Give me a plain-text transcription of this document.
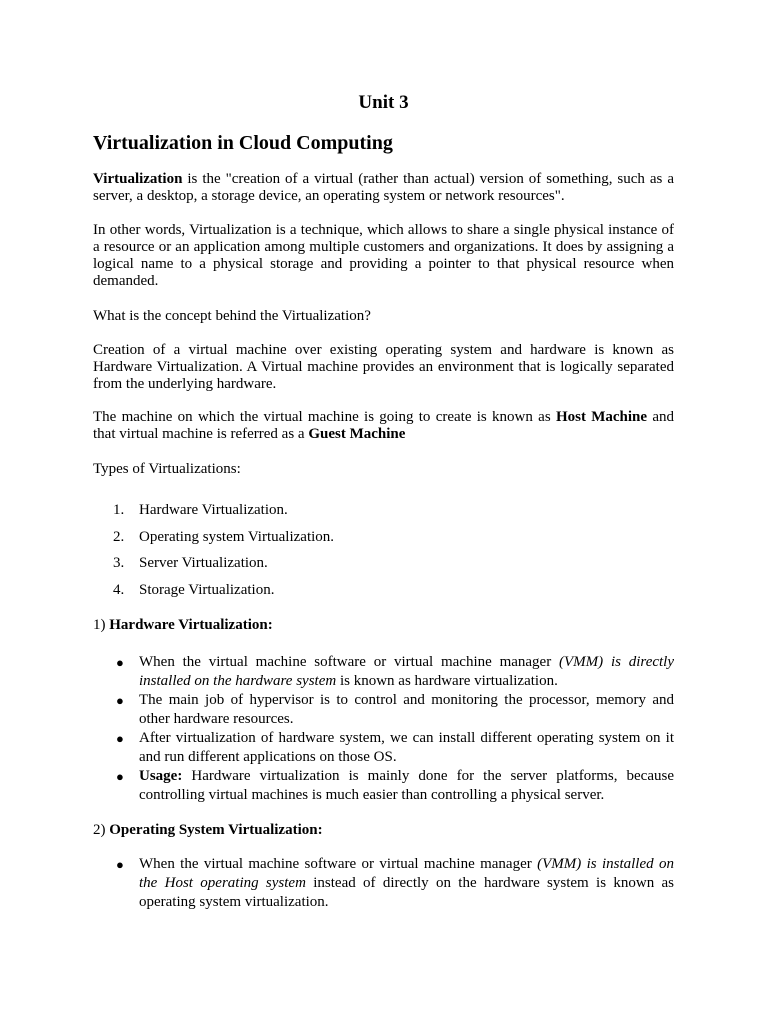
Unit 3
Virtualization in Cloud Computing

Virtualization is the "creation of a virtual (rather than actual) version of something, such as a server, a desktop, a storage device, an operating system or network resources".

In other words, Virtualization is a technique, which allows to share a single physical instance of a resource or an application among multiple customers and organizations. It does by assigning a logical name to a physical storage and providing a pointer to that physical resource when demanded.

What is the concept behind the Virtualization?

Creation of a virtual machine over existing operating system and hardware is known as Hardware Virtualization. A Virtual machine provides an environment that is logically separated from the underlying hardware.

The machine on which the virtual machine is going to create is known as Host Machine and that virtual machine is referred as a Guest Machine

Types of Virtualizations:

1. Hardware Virtualization.
2. Operating system Virtualization.
3. Server Virtualization.
4. Storage Virtualization.

1) Hardware Virtualization:

● When the virtual machine software or virtual machine manager (VMM) is directly installed on the hardware system is known as hardware virtualization.
● The main job of hypervisor is to control and monitoring the processor, memory and other hardware resources.
● After virtualization of hardware system, we can install different operating system on it and run different applications on those OS.
● Usage: Hardware virtualization is mainly done for the server platforms, because controlling virtual machines is much easier than controlling a physical server.

2) Operating System Virtualization:

● When the virtual machine software or virtual machine manager (VMM) is installed on the Host operating system instead of directly on the hardware system is known as operating system virtualization.
